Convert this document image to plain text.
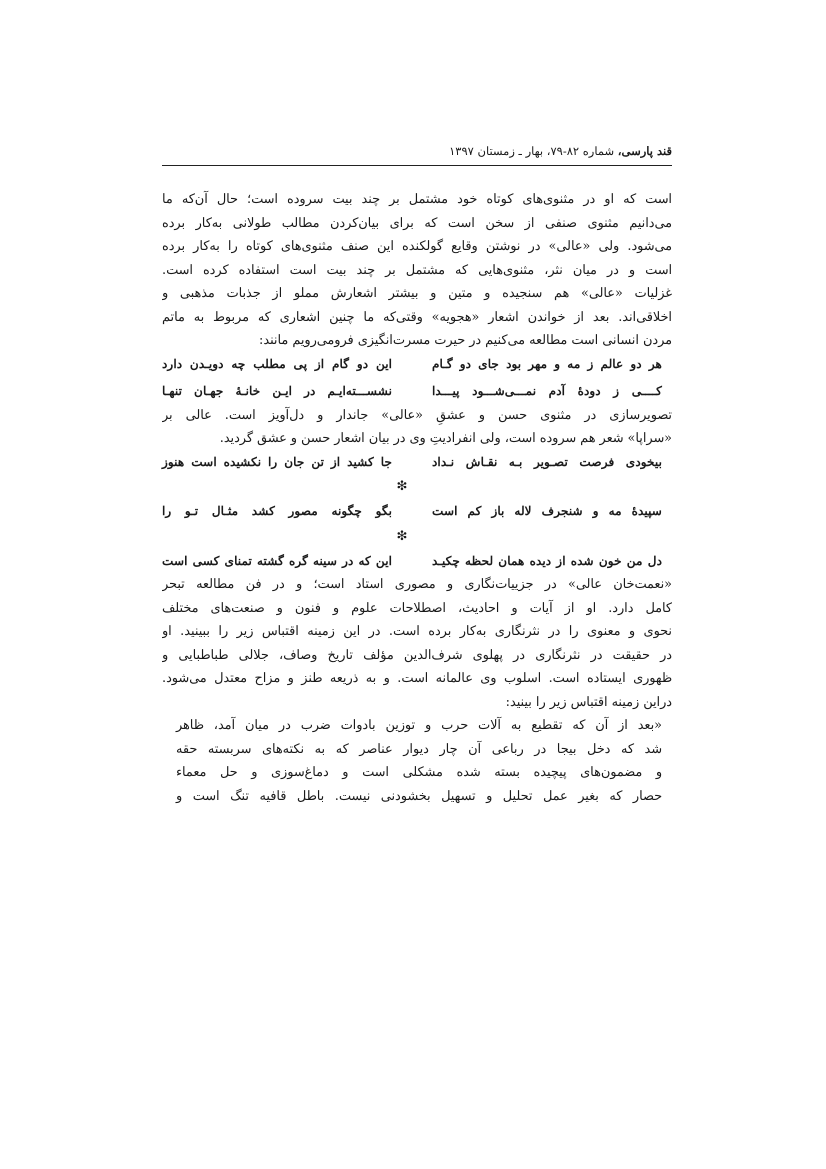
قند پارسی، شماره ۸۲-۷۹، بهار ـ زمستان ۱۳۹۷
است که او در مثنوی‌های کوتاه خود مشتمل بر چند بیت سروده است؛ حال آن‌که ما
می‌دانیم مثنوی صنفی از سخن است که برای بیان‌کردن مطالب طولانی به‌کار برده
می‌شود. ولی «عالی» در نوشتن وقایع گولکنده این صنف مثنوی‌های کوتاه را به‌کار برده
است و در میان نثر، مثنوی‌هایی که مشتمل بر چند بیت است استفاده کرده است.
غزلیات «عالی» هم سنجیده و متین و بیشتر اشعارش مملو از جذبات مذهبی و
اخلاقی‌اند. بعد از خواندن اشعار «هجویه» وقتی‌که ما چنین اشعاری که مربوط به ماتم
مردن انسانی است مطالعه می‌کنیم در حیرت مسرت‌انگیزی فرومی‌رویم مانند:
هر دو عالم ز مه و مهر بود جای دو گـام
این دو گام از پی مطلب چه دویـدن دارد
کــــی ز دودهٔ آدم نمـــی‌شـــود پیـــدا
نشســـته‌ایـم در ایـن خانـهٔ جهـان تنهـا
تصویرسازی در مثنوی حسن و عشقِ «عالی» جاندار و دل‌آویز است. عالی بر
«سراپا» شعر هم سروده است، ولی انفرادیتِ وی در بیان اشعار حسن و عشق گردید.
بیخودی فرصت تصـویر بـه نقـاش نـداد
جا کشید از تن جان را نکشیده است هنوز
❇
سپیدهٔ مه و شنجرف لاله باز کم است
بگو چگونه مصور کشد مثـال تـو را
❇
دل من خون شده از دیده همان لحظه چکیـد
این که در سینه گره گشته تمنای کسی است
«نعمت‌خان عالی» در جزییات‌نگاری و مصوری استاد است؛ و در فن مطالعه تبحر
کامل دارد. او از آیات و احادیث، اصطلاحات علوم و فنون و صنعت‌های مختلف
نحوی و معنوی را در نثرنگاری به‌کار برده است. در این زمینه اقتباس زیر را ببینید. او
در حقیقت در نثرنگاری در پهلوی شرف‌الدین مؤلف تاریخ وصاف، جلالی طباطبایی و
ظهوری ایستاده است. اسلوب وی عالمانه است. و به ذریعه طنز و مزاح معتدل می‌شود.
دراین زمینه اقتباس زیر را بینید:
«بعد از آن که تقطیع به آلات حرب و توزین بادوات ضرب در میان آمد، ظاهر
شد که دخل بیجا در رباعی آن چار دیوار عناصر که به نکته‌های سربسته حقه
و مضمون‌های پیچیده بسته شده مشکلی است و دماغ‌سوزی و حل معماء
حصار که بغیر عمل تحلیل و تسهیل بخشودنی نیست. باطل قافیه تنگ است و
